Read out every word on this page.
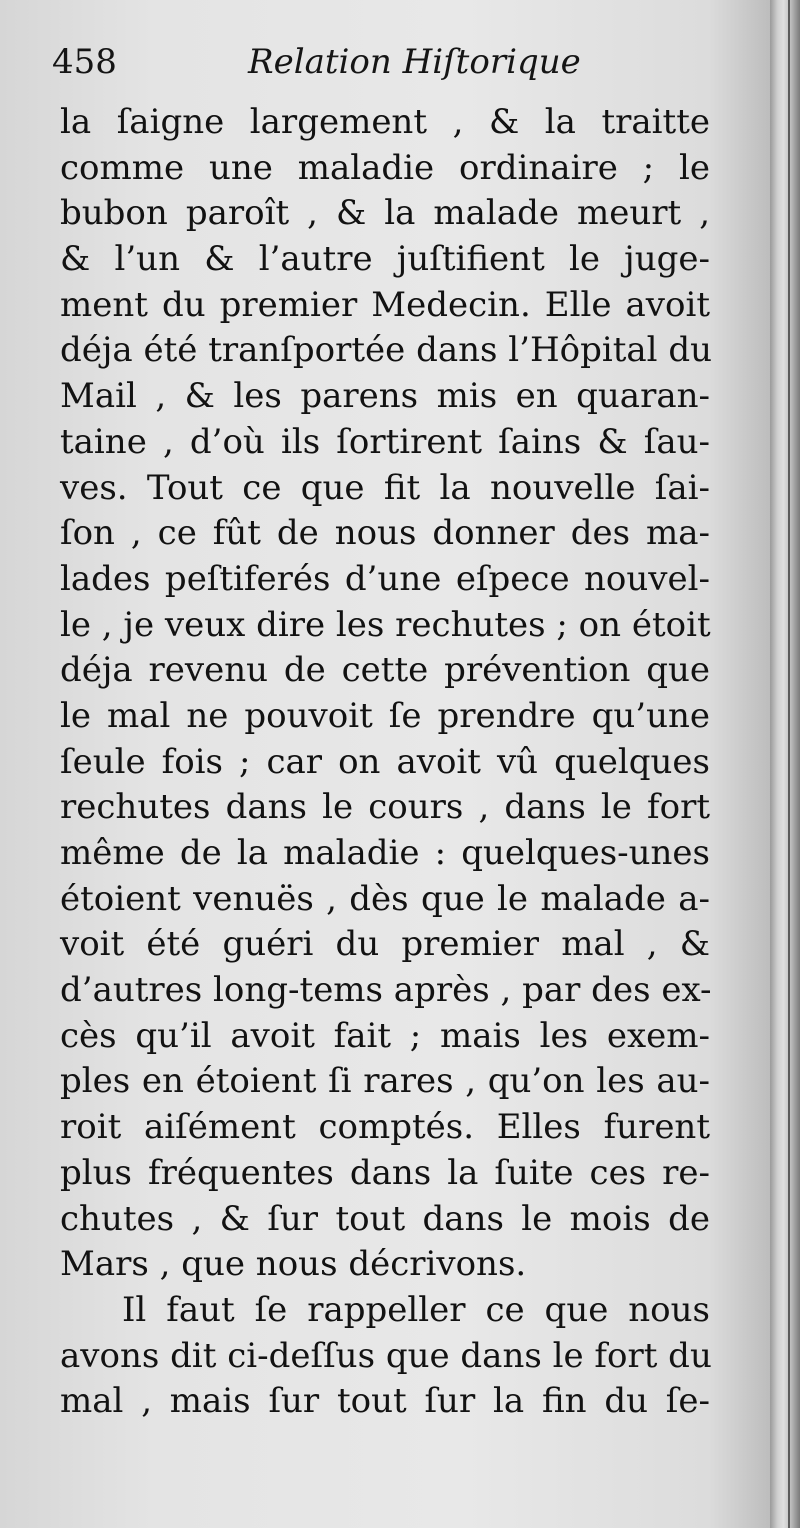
458	Relation Hiſtorique
la ſaigne largement , & la traitte
comme une maladie ordinaire ; le
bubon paroît , & la malade meurt ,
& l’un & l’autre juſtifient le juge-
ment du premier Medecin. Elle avoit
déja été tranſportée dans l’Hôpital du
Mail , & les parens mis en quaran-
taine , d’où ils ſortirent ſains & ſau-
ves. Tout ce que fit la nouvelle ſai-
ſon , ce fût de nous donner des ma-
lades peſtiferés d’une eſpece nouvel-
le , je veux dire les rechutes ; on étoit
déja revenu de cette prévention que
le mal ne pouvoit ſe prendre qu’une
ſeule fois ; car on avoit vû quelques
rechutes dans le cours , dans le fort
même de la maladie : quelques-unes
étoient venuës , dès que le malade a-
voit été guéri du premier mal , &
d’autres long-tems après , par des ex-
cès qu’il avoit fait ; mais les exem-
ples en étoient ſi rares , qu’on les au-
roit aiſément comptés. Elles furent
plus fréquentes dans la ſuite ces re-
chutes , & ſur tout dans le mois de
Mars , que nous décrivons.
Il faut ſe rappeller ce que nous
avons dit ci-deſſus que dans le fort du
mal , mais ſur tout ſur la fin du ſe-
